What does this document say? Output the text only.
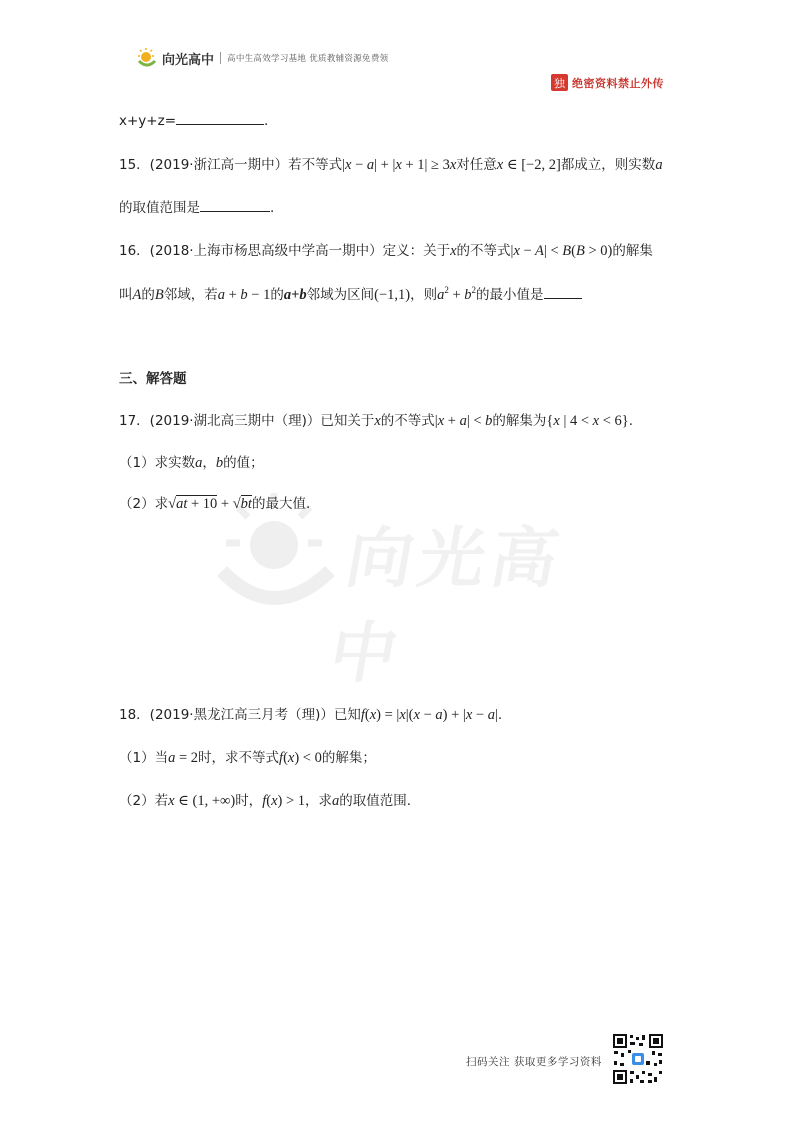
向光高中 高中生高效学习基地 优质教辅资源免费领
独 绝密资料禁止外传
向光高中
x+y+z=	.
15．(2019·浙江高一期中）若不等式|x − a| + |x + 1| ≥ 3x对任意x ∈ [−2, 2]都成立，则实数a
的取值范围是	.
16．(2018·上海市杨思高级中学高一期中）定义：关于x的不等式|x − A| < B(B > 0)的解集
叫A的B邻域，若a + b − 1的a+b邻域为区间(−1,1)，则$a^2 + b^2$的最小值是
三、解答题
17．(2019·湖北高三期中（理)）已知关于x的不等式|x + a| < b的解集为{x | 4 < x < 6}.
（1）求实数a，b的值；
（2）求√at + 10 + √bt的最大值.
18．(2019·黑龙江高三月考（理)）已知f(x) = |x|(x − a) + |x − a|.
（1）当a = 2时，求不等式f(x) < 0的解集；
（2）若x ∈ (1, +∞)时，f(x) > 1，求a的取值范围.
扫码关注 获取更多学习资料
